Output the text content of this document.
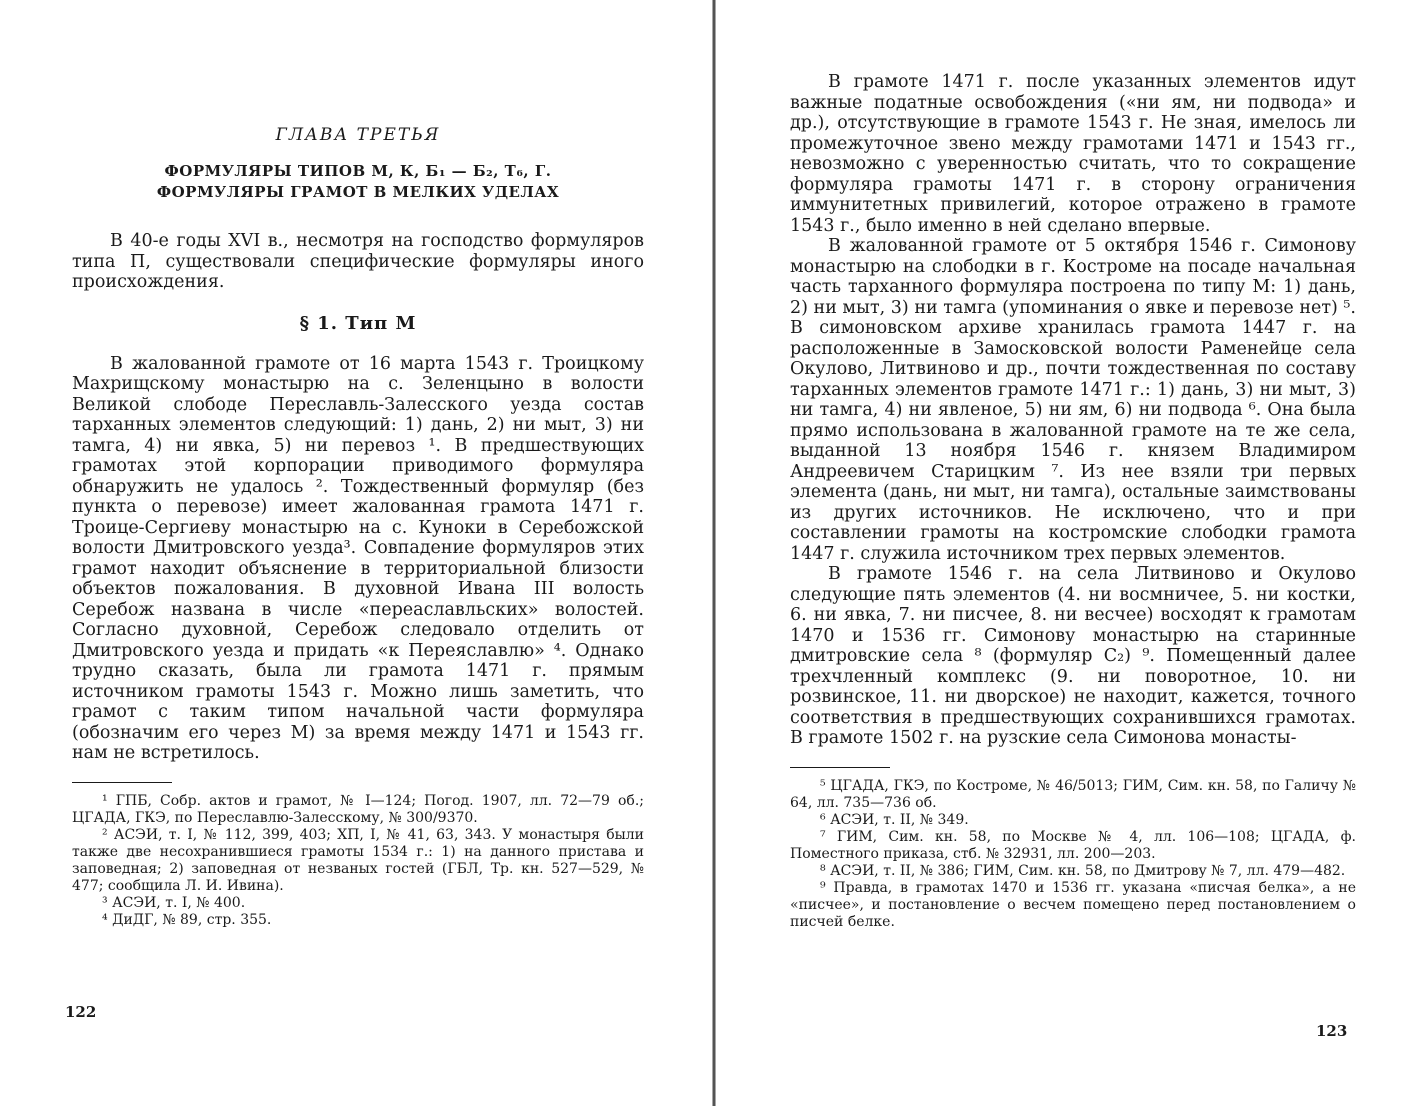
ГЛАВА ТРЕТЬЯ

ФОРМУЛЯРЫ ТИПОВ М, К, Б₁ — Б₂, Т₆, Г.
ФОРМУЛЯРЫ ГРАМОТ В МЕЛКИХ УДЕЛАХ

В 40-е годы XVI в., несмотря на господство формуляров типа П, существовали специфические формуляры иного происхождения.

§ 1. Тип М

В жалованной грамоте от 16 марта 1543 г. Троицкому Махрищскому монастырю на с. Зеленцыно в волости Великой слободе Переславль-Залесского уезда состав тарханных элементов следующий: 1) дань, 2) ни мыт, 3) ни тамга, 4) ни явка, 5) ни перевоз ¹. В предшествующих грамотах этой корпорации приводимого формуляра обнаружить не удалось ². Тождественный формуляр (без пункта о перевозе) имеет жалованная грамота 1471 г. Троице-Сергиеву монастырю на с. Куноки в Серебожской волости Дмитровского уезда³. Совпадение формуляров этих грамот находит объяснение в территориальной близости объектов пожалования. В духовной Ивана III волость Серебож названа в числе «переаславльских» волостей. Согласно духовной, Серебож следовало отделить от Дмитровского уезда и придать «к Переяславлю» ⁴. Однако трудно сказать, была ли грамота 1471 г. прямым источником грамоты 1543 г. Можно лишь заметить, что грамот с таким типом начальной части формуляра (обозначим его через М) за время между 1471 и 1543 гг. нам не встретилось.

¹ ГПБ, Собр. актов и грамот, № I—124; Погод. 1907, лл. 72—79 об.; ЦГАДА, ГКЭ, по Переславлю-Залесскому, № 300/9370.

² АСЭИ, т. I, № 112, 399, 403; ХП, I, № 41, 63, 343. У монастыря были также две несохранившиеся грамоты 1534 г.: 1) на данного пристава и заповедная; 2) заповедная от незваных гостей (ГБЛ, Тр. кн. 527—529, № 477; сообщила Л. И. Ивина).

³ АСЭИ, т. I, № 400.

⁴ ДиДГ, № 89, стр. 355.

122

В грамоте 1471 г. после указанных элементов идут важные податные освобождения («ни ям, ни подвода» и др.), отсутствующие в грамоте 1543 г. Не зная, имелось ли промежуточное звено между грамотами 1471 и 1543 гг., невозможно с уверенностью считать, что то сокращение формуляра грамоты 1471 г. в сторону ограничения иммунитетных привилегий, которое отражено в грамоте 1543 г., было именно в ней сделано впервые.

В жалованной грамоте от 5 октября 1546 г. Симонову монастырю на слободки в г. Костроме на посаде начальная часть тарханного формуляра построена по типу М: 1) дань, 2) ни мыт, 3) ни тамга (упоминания о явке и перевозе нет) ⁵. В симоновском архиве хранилась грамота 1447 г. на расположенные в Замосковской волости Раменейце села Окулово, Литвиново и др., почти тождественная по составу тарханных элементов грамоте 1471 г.: 1) дань, 3) ни мыт, 3) ни тамга, 4) ни явленое, 5) ни ям, 6) ни подвода ⁶. Она была прямо использована в жалованной грамоте на те же села, выданной 13 ноября 1546 г. князем Владимиром Андреевичем Старицким ⁷. Из нее взяли три первых элемента (дань, ни мыт, ни тамга), остальные заимствованы из других источников. Не исключено, что и при составлении грамоты на костромские слободки грамота 1447 г. служила источником трех первых элементов.

В грамоте 1546 г. на села Литвиново и Окулово следующие пять элементов (4. ни восмничее, 5. ни костки, 6. ни явка, 7. ни писчее, 8. ни весчее) восходят к грамотам 1470 и 1536 гг. Симонову монастырю на старинные дмитровские села ⁸ (формуляр С₂) ⁹. Помещенный далее трехчленный комплекс (9. ни поворотное, 10. ни розвинское, 11. ни дворское) не находит, кажется, точного соответствия в предшествующих сохранившихся грамотах. В грамоте 1502 г. на рузские села Симонова монасты-

⁵ ЦГАДА, ГКЭ, по Костроме, № 46/5013; ГИМ, Сим. кн. 58, по Галичу № 64, лл. 735—736 об.

⁶ АСЭИ, т. II, № 349.

⁷ ГИМ, Сим. кн. 58, по Москве № 4, лл. 106—108; ЦГАДА, ф. Поместного приказа, стб. № 32931, лл. 200—203.

⁸ АСЭИ, т. II, № 386; ГИМ, Сим. кн. 58, по Дмитрову № 7, лл. 479—482.

⁹ Правда, в грамотах 1470 и 1536 гг. указана «писчая белка», а не «писчее», и постановление о весчем помещено перед постановлением о писчей белке.

123
